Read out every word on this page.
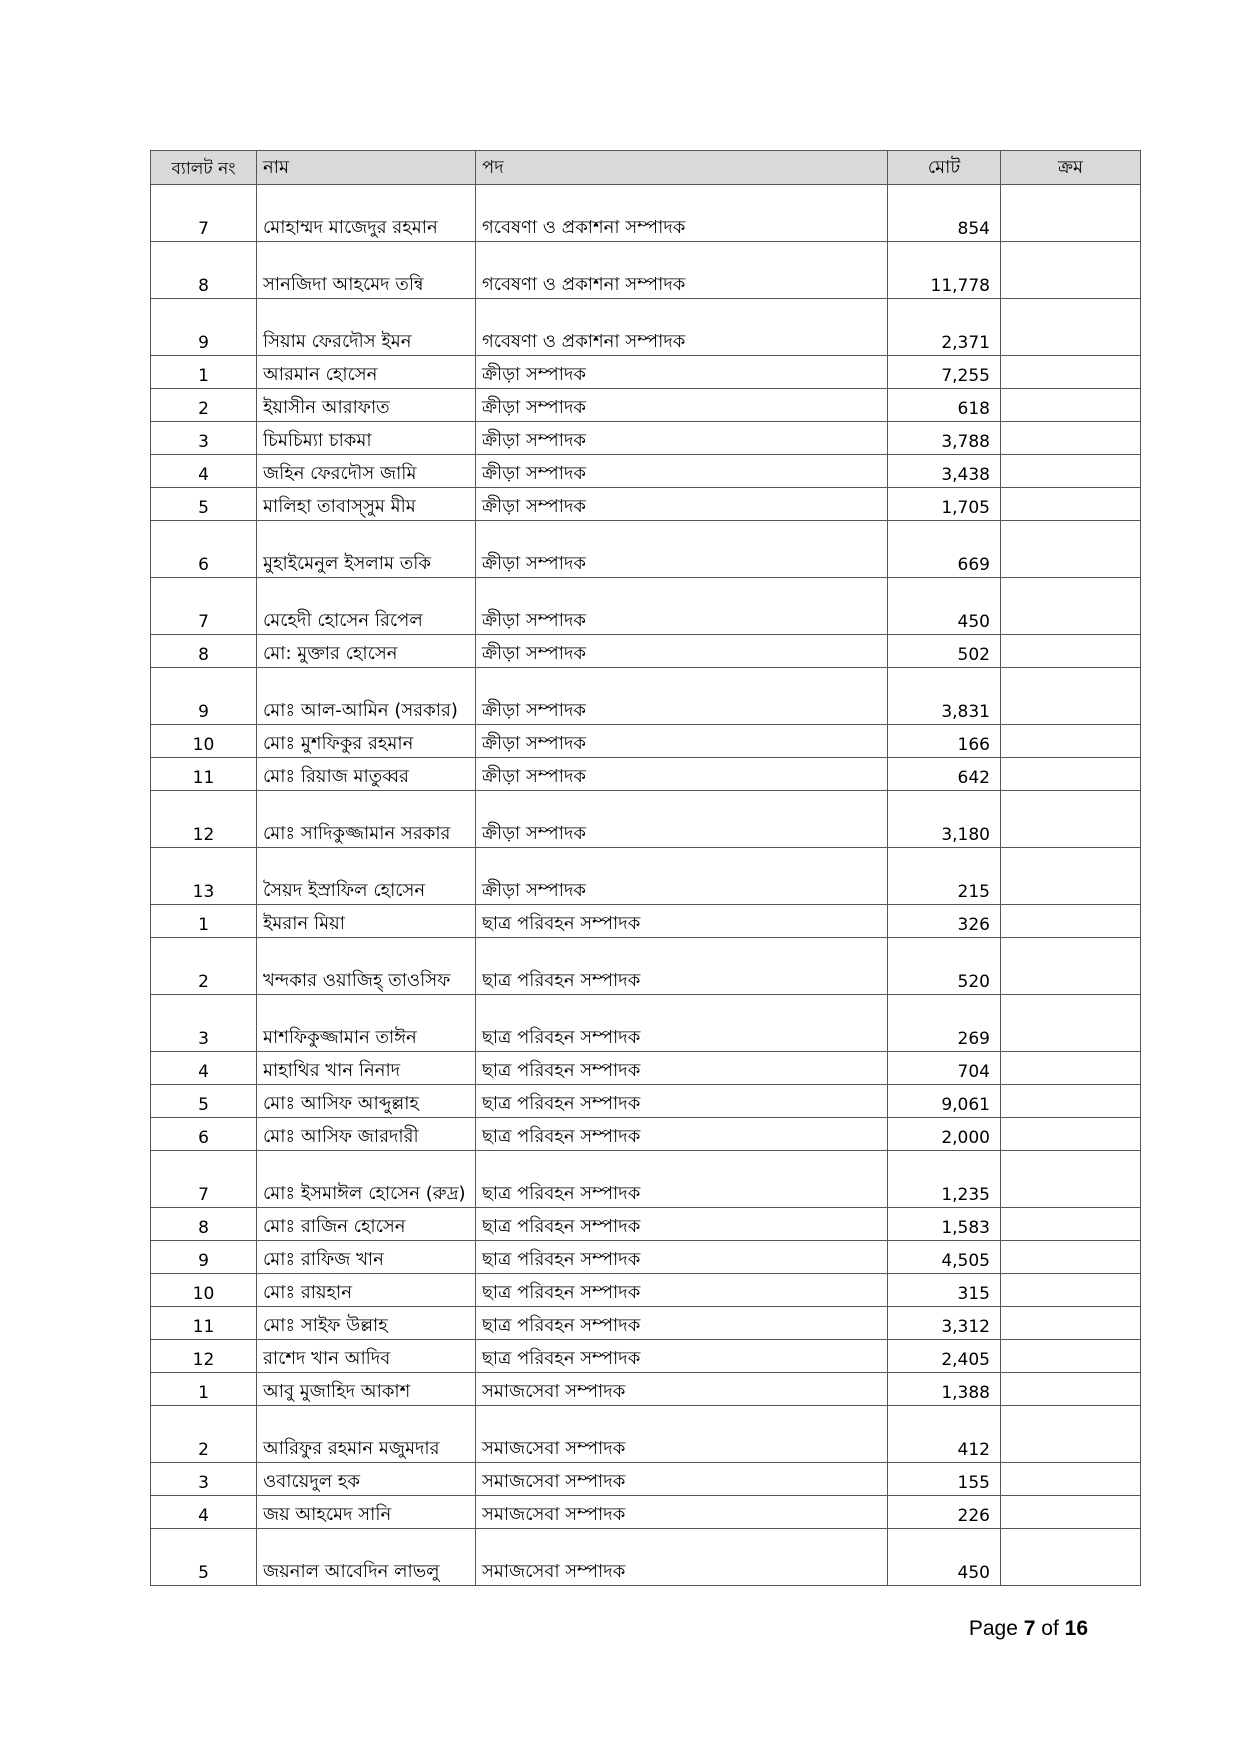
ব্যালট নং	নাম	পদ	মোট	ক্রম
7	মোহাম্মদ মাজেদুর রহমান	গবেষণা ও প্রকাশনা সম্পাদক	854	
8	সানজিদা আহমেদ তন্বি	গবেষণা ও প্রকাশনা সম্পাদক	11,778	
9	সিয়াম ফেরদৌস ইমন	গবেষণা ও প্রকাশনা সম্পাদক	2,371	
1	আরমান হোসেন	ক্রীড়া সম্পাদক	7,255	
2	ইয়াসীন আরাফাত	ক্রীড়া সম্পাদক	618	
3	চিমচিম্যা চাকমা	ক্রীড়া সম্পাদক	3,788	
4	জহিন ফেরদৌস জামি	ক্রীড়া সম্পাদক	3,438	
5	মালিহা তাবাস্সুম মীম	ক্রীড়া সম্পাদক	1,705	
6	মুহাইমেনুল ইসলাম তকি	ক্রীড়া সম্পাদক	669	
7	মেহেদী হোসেন রিপেল	ক্রীড়া সম্পাদক	450	
8	মো: মুক্তার হোসেন	ক্রীড়া সম্পাদক	502	
9	মোঃ আল-আমিন (সরকার)	ক্রীড়া সম্পাদক	3,831	
10	মোঃ মুশফিকুর রহমান	ক্রীড়া সম্পাদক	166	
11	মোঃ রিয়াজ মাতুব্বর	ক্রীড়া সম্পাদক	642	
12	মোঃ সাদিকুজ্জামান সরকার	ক্রীড়া সম্পাদক	3,180	
13	সৈয়দ ইস্রাফিল হোসেন	ক্রীড়া সম্পাদক	215	
1	ইমরান মিয়া	ছাত্র পরিবহন সম্পাদক	326	
2	খন্দকার ওয়াজিহ্ তাওসিফ	ছাত্র পরিবহন সম্পাদক	520	
3	মাশফিকুজ্জামান তাঈন	ছাত্র পরিবহন সম্পাদক	269	
4	মাহাথির খান নিনাদ	ছাত্র পরিবহন সম্পাদক	704	
5	মোঃ আসিফ আব্দুল্লাহ	ছাত্র পরিবহন সম্পাদক	9,061	
6	মোঃ আসিফ জারদারী	ছাত্র পরিবহন সম্পাদক	2,000	
7	মোঃ ইসমাঈল হোসেন (রুদ্র)	ছাত্র পরিবহন সম্পাদক	1,235	
8	মোঃ রাজিন হোসেন	ছাত্র পরিবহন সম্পাদক	1,583	
9	মোঃ রাফিজ খান	ছাত্র পরিবহন সম্পাদক	4,505	
10	মোঃ রায়হান	ছাত্র পরিবহন সম্পাদক	315	
11	মোঃ সাইফ উল্লাহ	ছাত্র পরিবহন সম্পাদক	3,312	
12	রাশেদ খান আদিব	ছাত্র পরিবহন সম্পাদক	2,405	
1	আবু মুজাহিদ আকাশ	সমাজসেবা সম্পাদক	1,388	
2	আরিফুর রহমান মজুমদার	সমাজসেবা সম্পাদক	412	
3	ওবায়েদুল হক	সমাজসেবা সম্পাদক	155	
4	জয় আহমেদ সানি	সমাজসেবা সম্পাদক	226	
5	জয়নাল আবেদিন লাভলু	সমাজসেবা সম্পাদক	450	
Page 7 of 16
